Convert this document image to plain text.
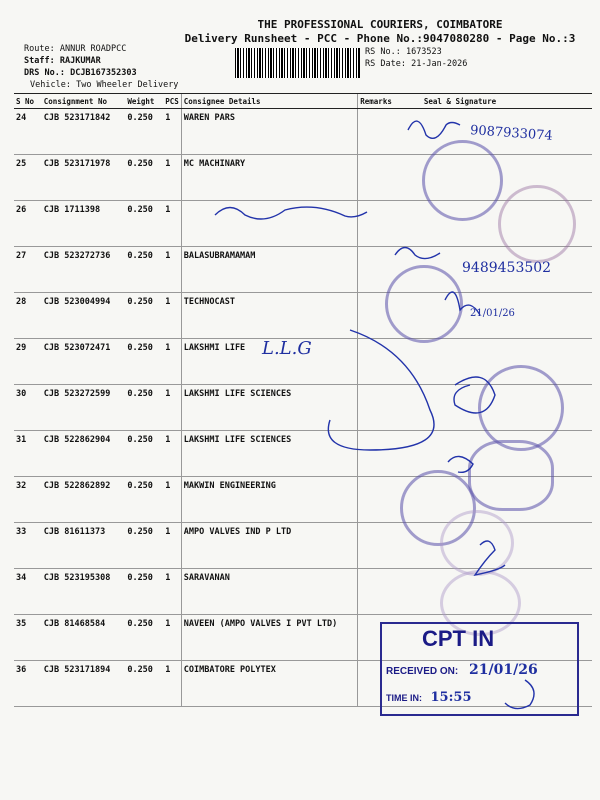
THE PROFESSIONAL COURIERS, COIMBATORE
Delivery Runsheet - PCC - Phone No.:9047080280 - Page No.:3
Route: ANNUR ROADPCC
Staff: RAJKUMAR
DRS No.: DCJB167352303
Vehicle: Two Wheeler Delivery
RS No.: 1673523
RS Date: 21-Jan-2026
S No	Consignment No	Weight	PCS	Consignee Details	Remarks	Seal & Signature
24	CJB 523171842	0.250	1	WAREN PARS		
25	CJB 523171978	0.250	1	MC MACHINARY		
26	CJB 1711398	0.250	1			
27	CJB 523272736	0.250	1	BALASUBRAMAMAM		
28	CJB 523004994	0.250	1	TECHNOCAST		
29	CJB 523072471	0.250	1	LAKSHMI LIFE		
30	CJB 523272599	0.250	1	LAKSHMI LIFE SCIENCES		
31	CJB 522862904	0.250	1	LAKSHMI LIFE SCIENCES		
32	CJB 522862892	0.250	1	MAKWIN ENGINEERING		
33	CJB 81611373	0.250	1	AMPO VALVES IND P LTD		
34	CJB 523195308	0.250	1	SARAVANAN		
35	CJB 81468584	0.250	1	NAVEEN (AMPO VALVES I PVT LTD)		
36	CJB 523171894	0.250	1	COIMBATORE POLYTEX		
9087933074
9489453502
21/01/26
L.L.G
CPT IN
RECEIVED ON: 21/01/26
TIME IN: 15:55
